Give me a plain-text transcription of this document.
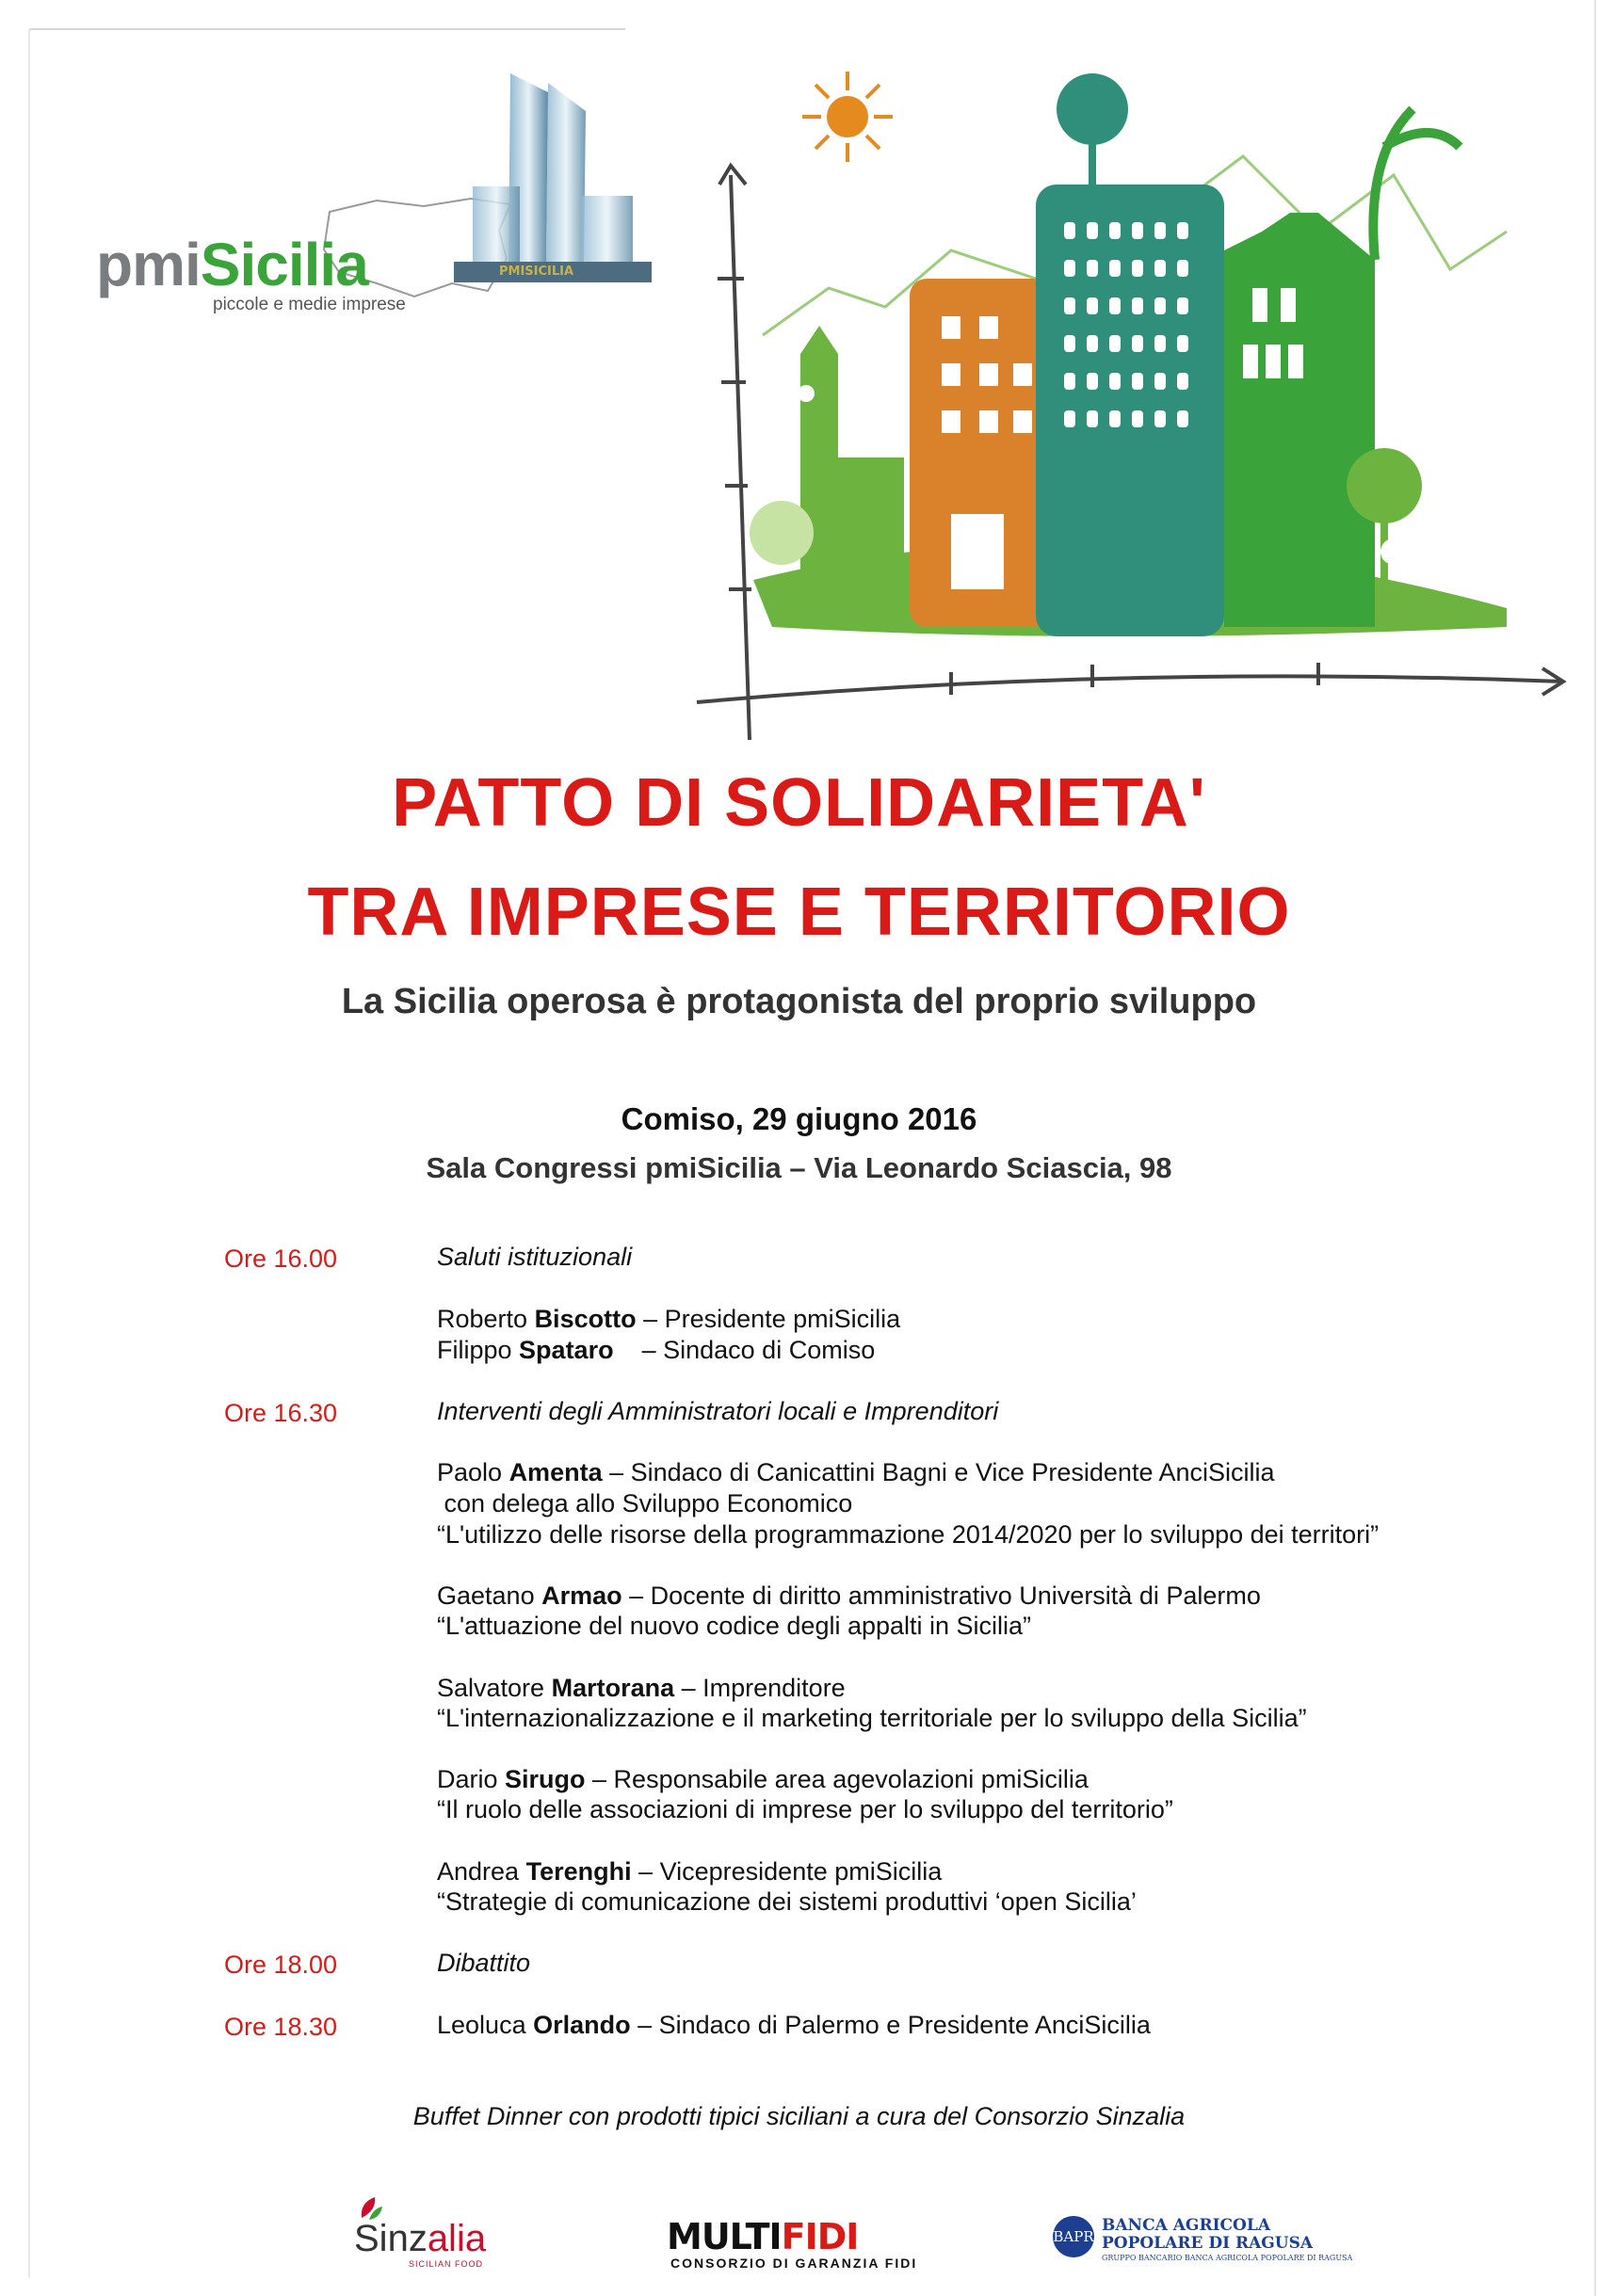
pmiSicilia
piccole e medie imprese
PMISICILIA
PATTO DI SOLIDARIETA'
TRA IMPRESE E TERRITORIO
La Sicilia operosa è protagonista del proprio sviluppo
Comiso, 29 giugno 2016
Sala Congressi pmiSicilia – Via Leonardo Sciascia, 98
Ore 16.00	Saluti istituzionali
Roberto Biscotto – Presidente pmiSicilia
Filippo Spataro    – Sindaco di Comiso
Ore 16.30	Interventi degli Amministratori locali e Imprenditori
Paolo Amenta – Sindaco di Canicattini Bagni e Vice Presidente AnciSicilia
con delega allo Sviluppo Economico
“L'utilizzo delle risorse della programmazione 2014/2020 per lo sviluppo dei territori”
Gaetano Armao – Docente di diritto amministrativo Università di Palermo
“L'attuazione del nuovo codice degli appalti in Sicilia”
Salvatore Martorana – Imprenditore
“L'internazionalizzazione e il marketing territoriale per lo sviluppo della Sicilia”
Dario Sirugo – Responsabile area agevolazioni pmiSicilia
“Il ruolo delle associazioni di imprese per lo sviluppo del territorio”
Andrea Terenghi – Vicepresidente pmiSicilia
“Strategie di comunicazione dei sistemi produttivi ‘open Sicilia’
Ore 18.00	Dibattito
Ore 18.30	Leoluca Orlando – Sindaco di Palermo e Presidente AnciSicilia
Buffet Dinner con prodotti tipici siciliani a cura del Consorzio Sinzalia
Sinzalia
SICILIAN FOOD
MULTIFIDI
CONSORZIO DI GARANZIA FIDI
BAPR
BANCA AGRICOLA
POPOLARE DI RAGUSA
GRUPPO BANCARIO BANCA AGRICOLA POPOLARE DI RAGUSA
